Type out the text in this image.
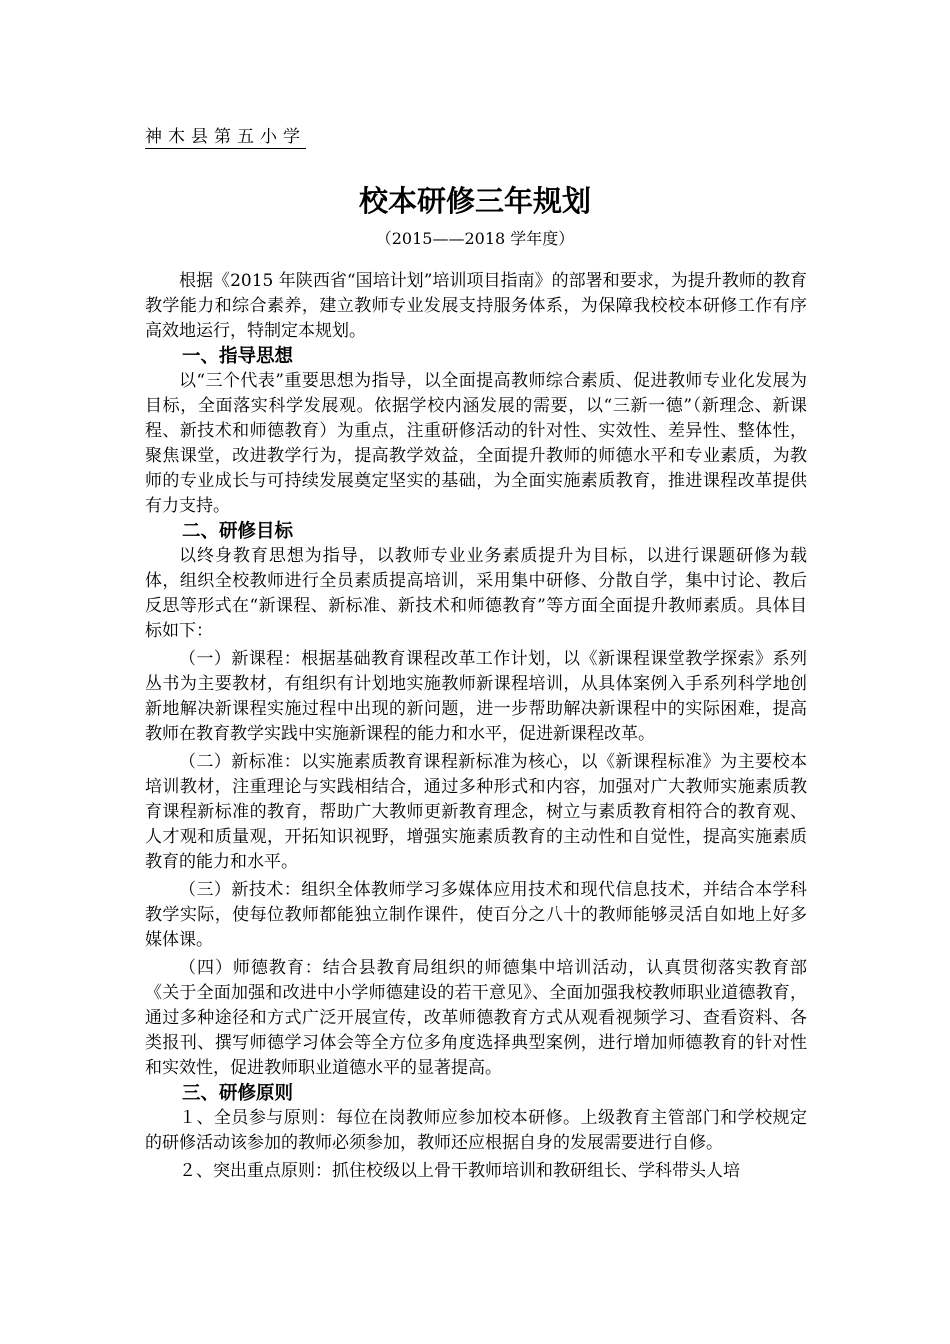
神木县第五小学
校本研修三年规划
（2015——2018 学年度）

根据《2015 年陕西省“国培计划”培训项目指南》的部署和要求，为提升教师的教育教学能力和综合素养，建立教师专业发展支持服务体系，为保障我校校本研修工作有序高效地运行，特制定本规划。

一、指导思想

以“三个代表”重要思想为指导，以全面提高教师综合素质、促进教师专业化发展为目标，全面落实科学发展观。依据学校内涵发展的需要，以“三新一德”（新理念、新课程、新技术和师德教育）为重点，注重研修活动的针对性、实效性、差异性、整体性，聚焦课堂，改进教学行为，提高教学效益，全面提升教师的师德水平和专业素质，为教师的专业成长与可持续发展奠定坚实的基础，为全面实施素质教育，推进课程改革提供有力支持。

二、研修目标

以终身教育思想为指导，以教师专业业务素质提升为目标，以进行课题研修为载体，组织全校教师进行全员素质提高培训，采用集中研修、分散自学，集中讨论、教后反思等形式在“新课程、新标准、新技术和师德教育”等方面全面提升教师素质。具体目标如下：

（一）新课程：根据基础教育课程改革工作计划，以《新课程课堂教学探索》系列丛书为主要教材，有组织有计划地实施教师新课程培训，从具体案例入手系列科学地创新地解决新课程实施过程中出现的新问题，进一步帮助解决新课程中的实际困难，提高教师在教育教学实践中实施新课程的能力和水平，促进新课程改革。

（二）新标准：以实施素质教育课程新标准为核心，以《新课程标准》为主要校本培训教材，注重理论与实践相结合，通过多种形式和内容，加强对广大教师实施素质教育课程新标准的教育，帮助广大教师更新教育理念，树立与素质教育相符合的教育观、人才观和质量观，开拓知识视野，增强实施素质教育的主动性和自觉性，提高实施素质教育的能力和水平。

（三）新技术：组织全体教师学习多媒体应用技术和现代信息技术，并结合本学科教学实际，使每位教师都能独立制作课件，使百分之八十的教师能够灵活自如地上好多媒体课。

（四）师德教育：结合县教育局组织的师德集中培训活动，认真贯彻落实教育部《关于全面加强和改进中小学师德建设的若干意见》、全面加强我校教师职业道德教育，通过多种途径和方式广泛开展宣传，改革师德教育方式从观看视频学习、查看资料、各类报刊、撰写师德学习体会等全方位多角度选择典型案例，进行增加师德教育的针对性和实效性，促进教师职业道德水平的显著提高。

三、研修原则

１、全员参与原则：每位在岗教师应参加校本研修。上级教育主管部门和学校规定的研修活动该参加的教师必须参加，教师还应根据自身的发展需要进行自修。

２、突出重点原则：抓住校级以上骨干教师培训和教研组长、学科带头人培
